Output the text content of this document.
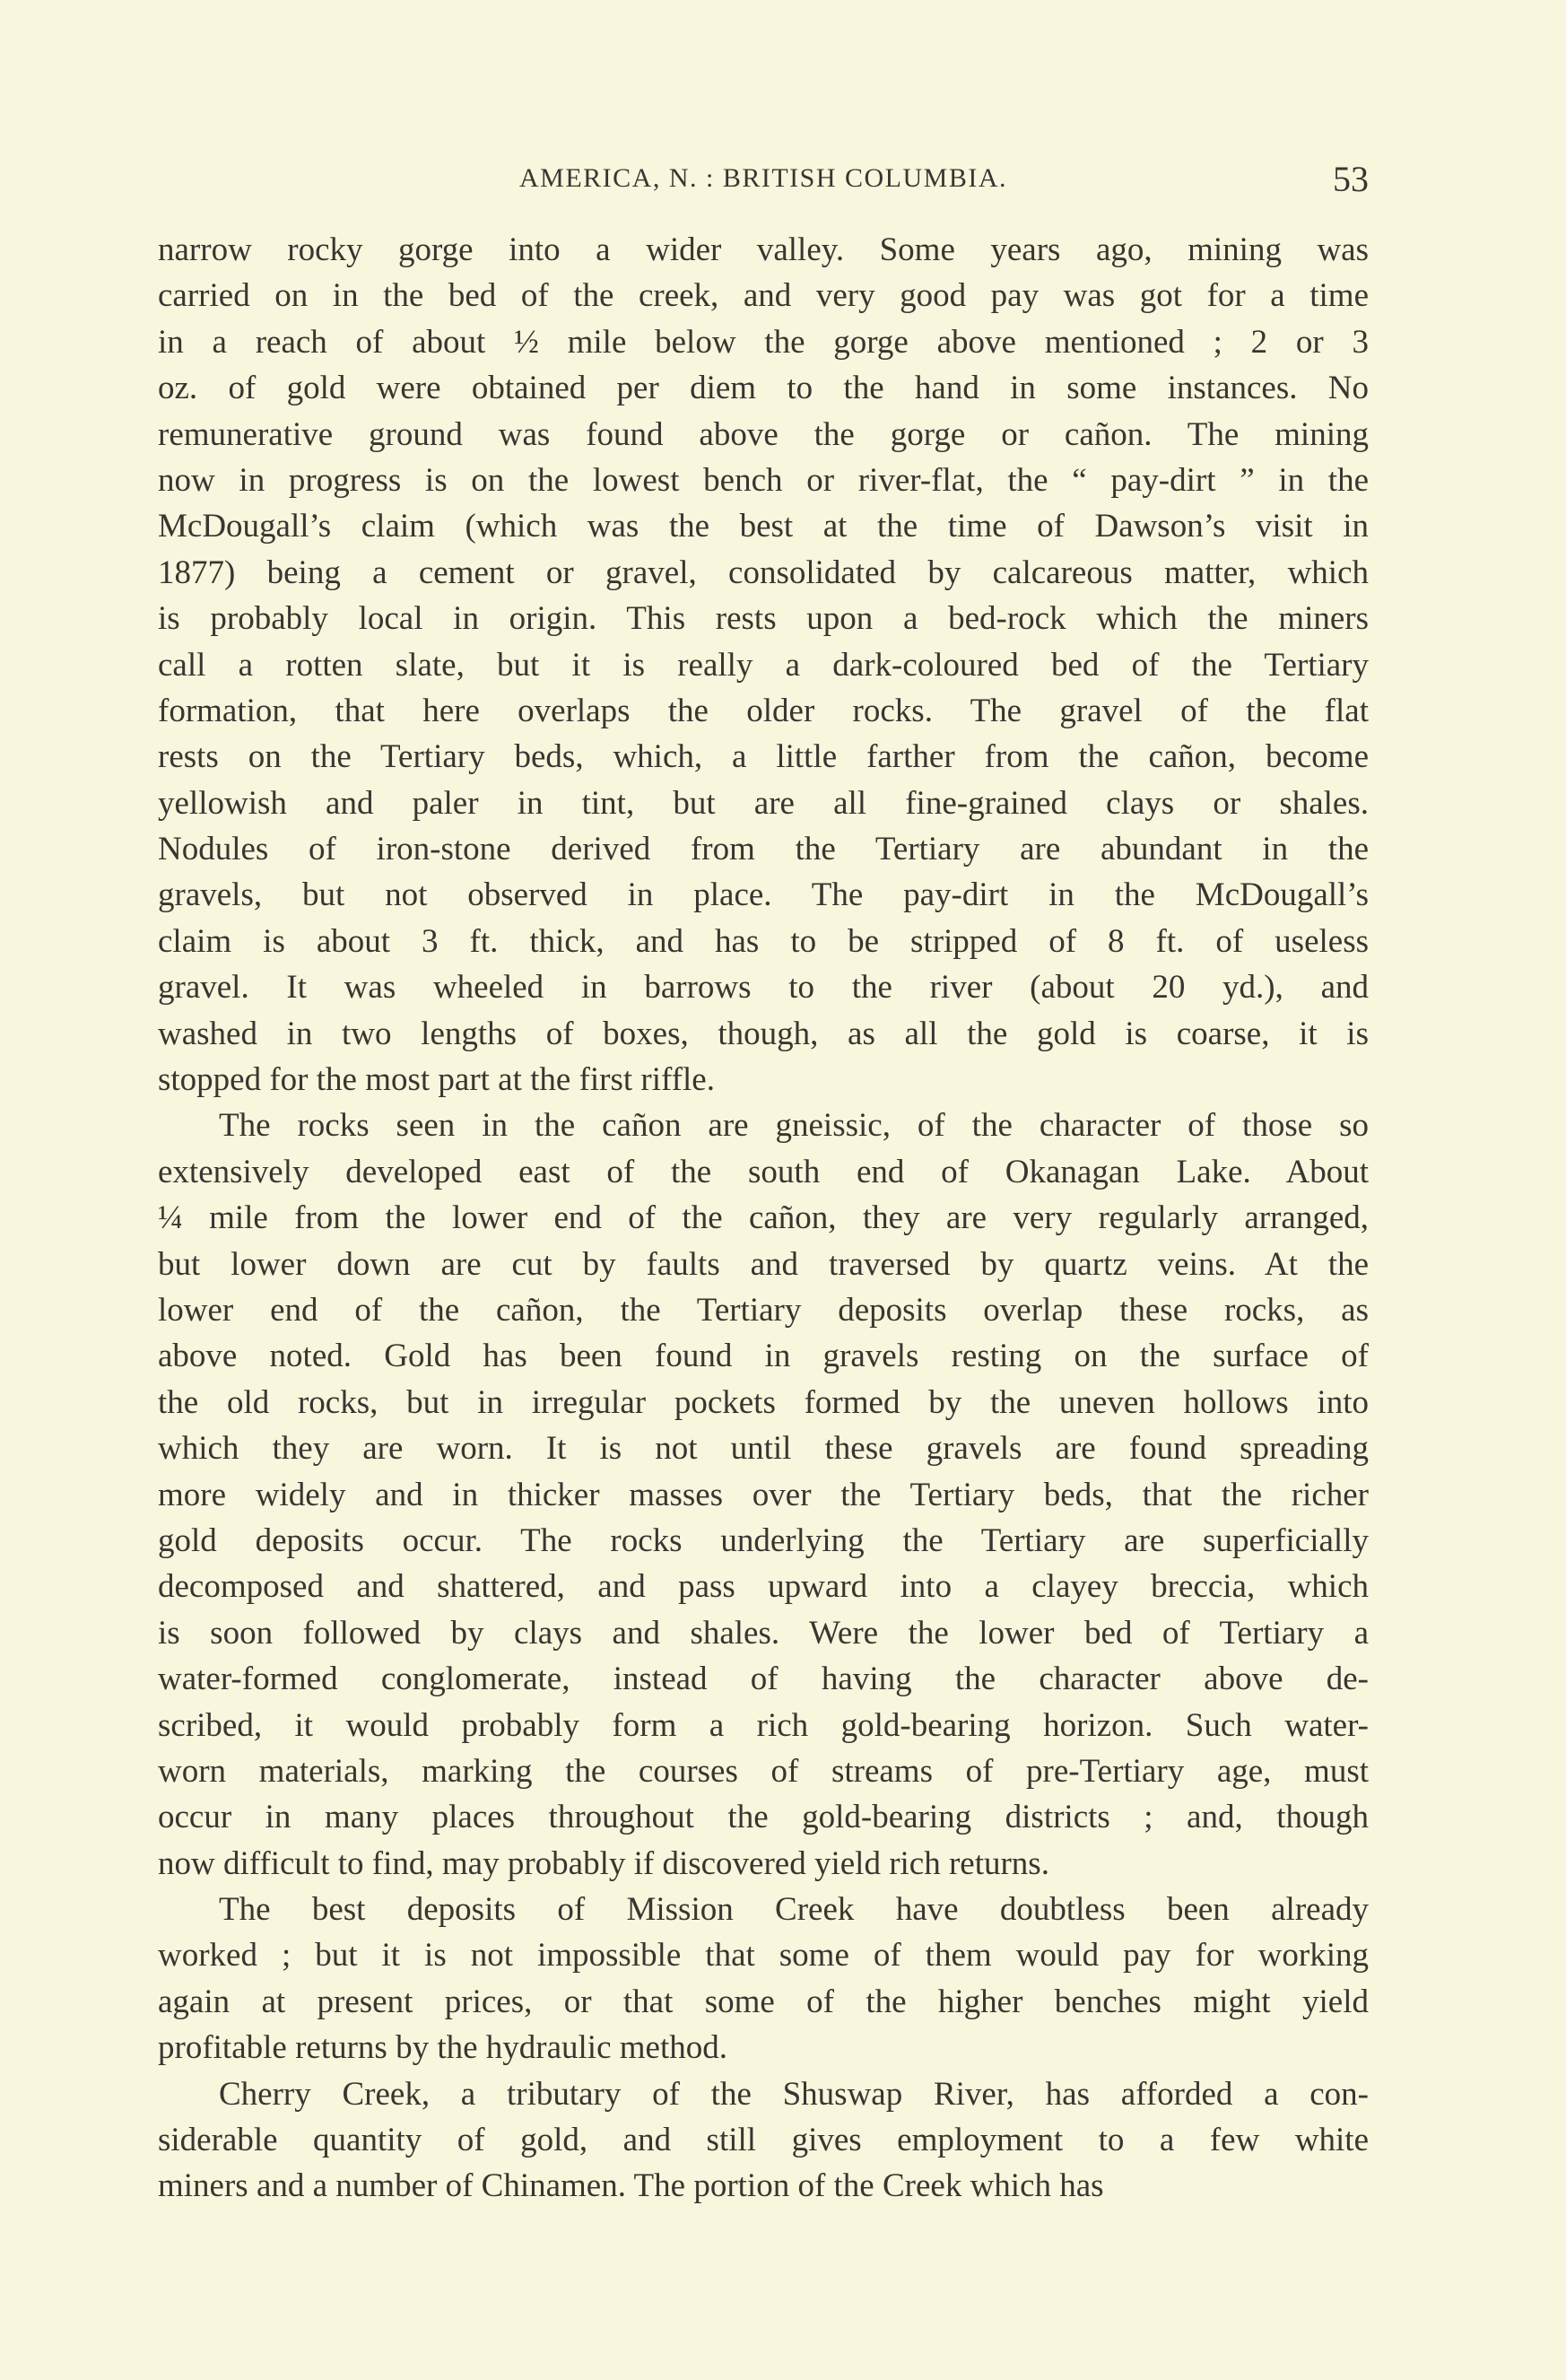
AMERICA, N. : BRITISH COLUMBIA.	53
narrow rocky gorge into a wider valley. Some years ago, mining was
carried on in the bed of the creek, and very good pay was got for a time
in a reach of about ½ mile below the gorge above mentioned ; 2 or 3
oz. of gold were obtained per diem to the hand in some instances. No
remunerative ground was found above the gorge or cañon. The mining
now in progress is on the lowest bench or river-flat, the “ pay-dirt ” in the
McDougall’s claim (which was the best at the time of Dawson’s visit in
1877) being a cement or gravel, consolidated by calcareous matter, which
is probably local in origin. This rests upon a bed-rock which the miners
call a rotten slate, but it is really a dark-coloured bed of the Tertiary
formation, that here overlaps the older rocks. The gravel of the flat
rests on the Tertiary beds, which, a little farther from the cañon, become
yellowish and paler in tint, but are all fine-grained clays or shales.
Nodules of iron-stone derived from the Tertiary are abundant in the
gravels, but not observed in place. The pay-dirt in the McDougall’s
claim is about 3 ft. thick, and has to be stripped of 8 ft. of useless
gravel. It was wheeled in barrows to the river (about 20 yd.), and
washed in two lengths of boxes, though, as all the gold is coarse, it is
stopped for the most part at the first riffle.
The rocks seen in the cañon are gneissic, of the character of those so
extensively developed east of the south end of Okanagan Lake. About
¼ mile from the lower end of the cañon, they are very regularly arranged,
but lower down are cut by faults and traversed by quartz veins. At the
lower end of the cañon, the Tertiary deposits overlap these rocks, as
above noted. Gold has been found in gravels resting on the surface of
the old rocks, but in irregular pockets formed by the uneven hollows into
which they are worn. It is not until these gravels are found spreading
more widely and in thicker masses over the Tertiary beds, that the richer
gold deposits occur. The rocks underlying the Tertiary are superficially
decomposed and shattered, and pass upward into a clayey breccia, which
is soon followed by clays and shales. Were the lower bed of Tertiary a
water-formed conglomerate, instead of having the character above de-
scribed, it would probably form a rich gold-bearing horizon. Such water-
worn materials, marking the courses of streams of pre-Tertiary age, must
occur in many places throughout the gold-bearing districts ; and, though
now difficult to find, may probably if discovered yield rich returns.
The best deposits of Mission Creek have doubtless been already
worked ; but it is not impossible that some of them would pay for working
again at present prices, or that some of the higher benches might yield
profitable returns by the hydraulic method.
Cherry Creek, a tributary of the Shuswap River, has afforded a con-
siderable quantity of gold, and still gives employment to a few white
miners and a number of Chinamen. The portion of the Creek which has
